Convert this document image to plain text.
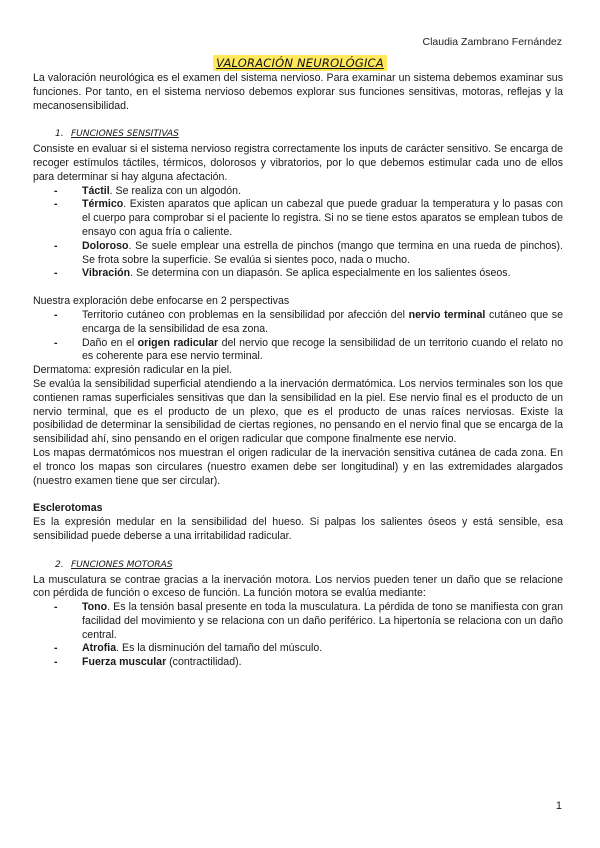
Claudia Zambrano Fernández
VALORACIÓN NEUROLÓGICA

La valoración neurológica es el examen del sistema nervioso. Para examinar un sistema debemos examinar sus funciones. Por tanto, en el sistema nervioso debemos explorar sus funciones sensitivas, motoras, reflejas y la mecanosensibilidad.

1. FUNCIONES SENSITIVAS

Consiste en evaluar si el sistema nervioso registra correctamente los inputs de carácter sensitivo. Se encarga de recoger estímulos táctiles, térmicos, dolorosos y vibratorios, por lo que debemos estimular cada uno de ellos para determinar si hay alguna afectación.

- Táctil. Se realiza con un algodón.
- Térmico. Existen aparatos que aplican un cabezal que puede graduar la temperatura y lo pasas con el cuerpo para comprobar si el paciente lo registra. Si no se tiene estos aparatos se emplean tubos de ensayo con agua fría o caliente.
- Doloroso. Se suele emplear una estrella de pinchos (mango que termina en una rueda de pinchos). Se frota sobre la superficie. Se evalúa si sientes poco, nada o mucho.
- Vibración. Se determina con un diapasón. Se aplica especialmente en los salientes óseos.

Nuestra exploración debe enfocarse en 2 perspectivas

- Territorio cutáneo con problemas en la sensibilidad por afección del nervio terminal cutáneo que se encarga de la sensibilidad de esa zona.
- Daño en el origen radicular del nervio que recoge la sensibilidad de un territorio cuando el relato no es coherente para ese nervio terminal.

Dermatoma: expresión radicular en la piel.

Se evalúa la sensibilidad superficial atendiendo a la inervación dermatómica. Los nervios terminales son los que contienen ramas superficiales sensitivas que dan la sensibilidad en la piel. Ese nervio final es el producto de un nervio terminal, que es el producto de un plexo, que es el producto de unas raíces nerviosas. Existe la posibilidad de determinar la sensibilidad de ciertas regiones, no pensando en el nervio final que se encarga de la sensibilidad ahí, sino pensando en el origen radicular que compone finalmente ese nervio.

Los mapas dermatómicos nos muestran el origen radicular de la inervación sensitiva cutánea de cada zona. En el tronco los mapas son circulares (nuestro examen debe ser longitudinal) y en las extremidades alargados (nuestro examen tiene que ser circular).

Esclerotomas

Es la expresión medular en la sensibilidad del hueso. Si palpas los salientes óseos y está sensible, esa sensibilidad puede deberse a una irritabilidad radicular.

2. FUNCIONES MOTORAS

La musculatura se contrae gracias a la inervación motora. Los nervios pueden tener un daño que se relacione con pérdida de función o exceso de función. La función motora se evalúa mediante:

- Tono. Es la tensión basal presente en toda la musculatura. La pérdida de tono se manifiesta con gran facilidad del movimiento y se relaciona con un daño periférico. La hipertonía se relaciona con un daño central.
- Atrofia. Es la disminución del tamaño del músculo.
- Fuerza muscular (contractilidad).
1
